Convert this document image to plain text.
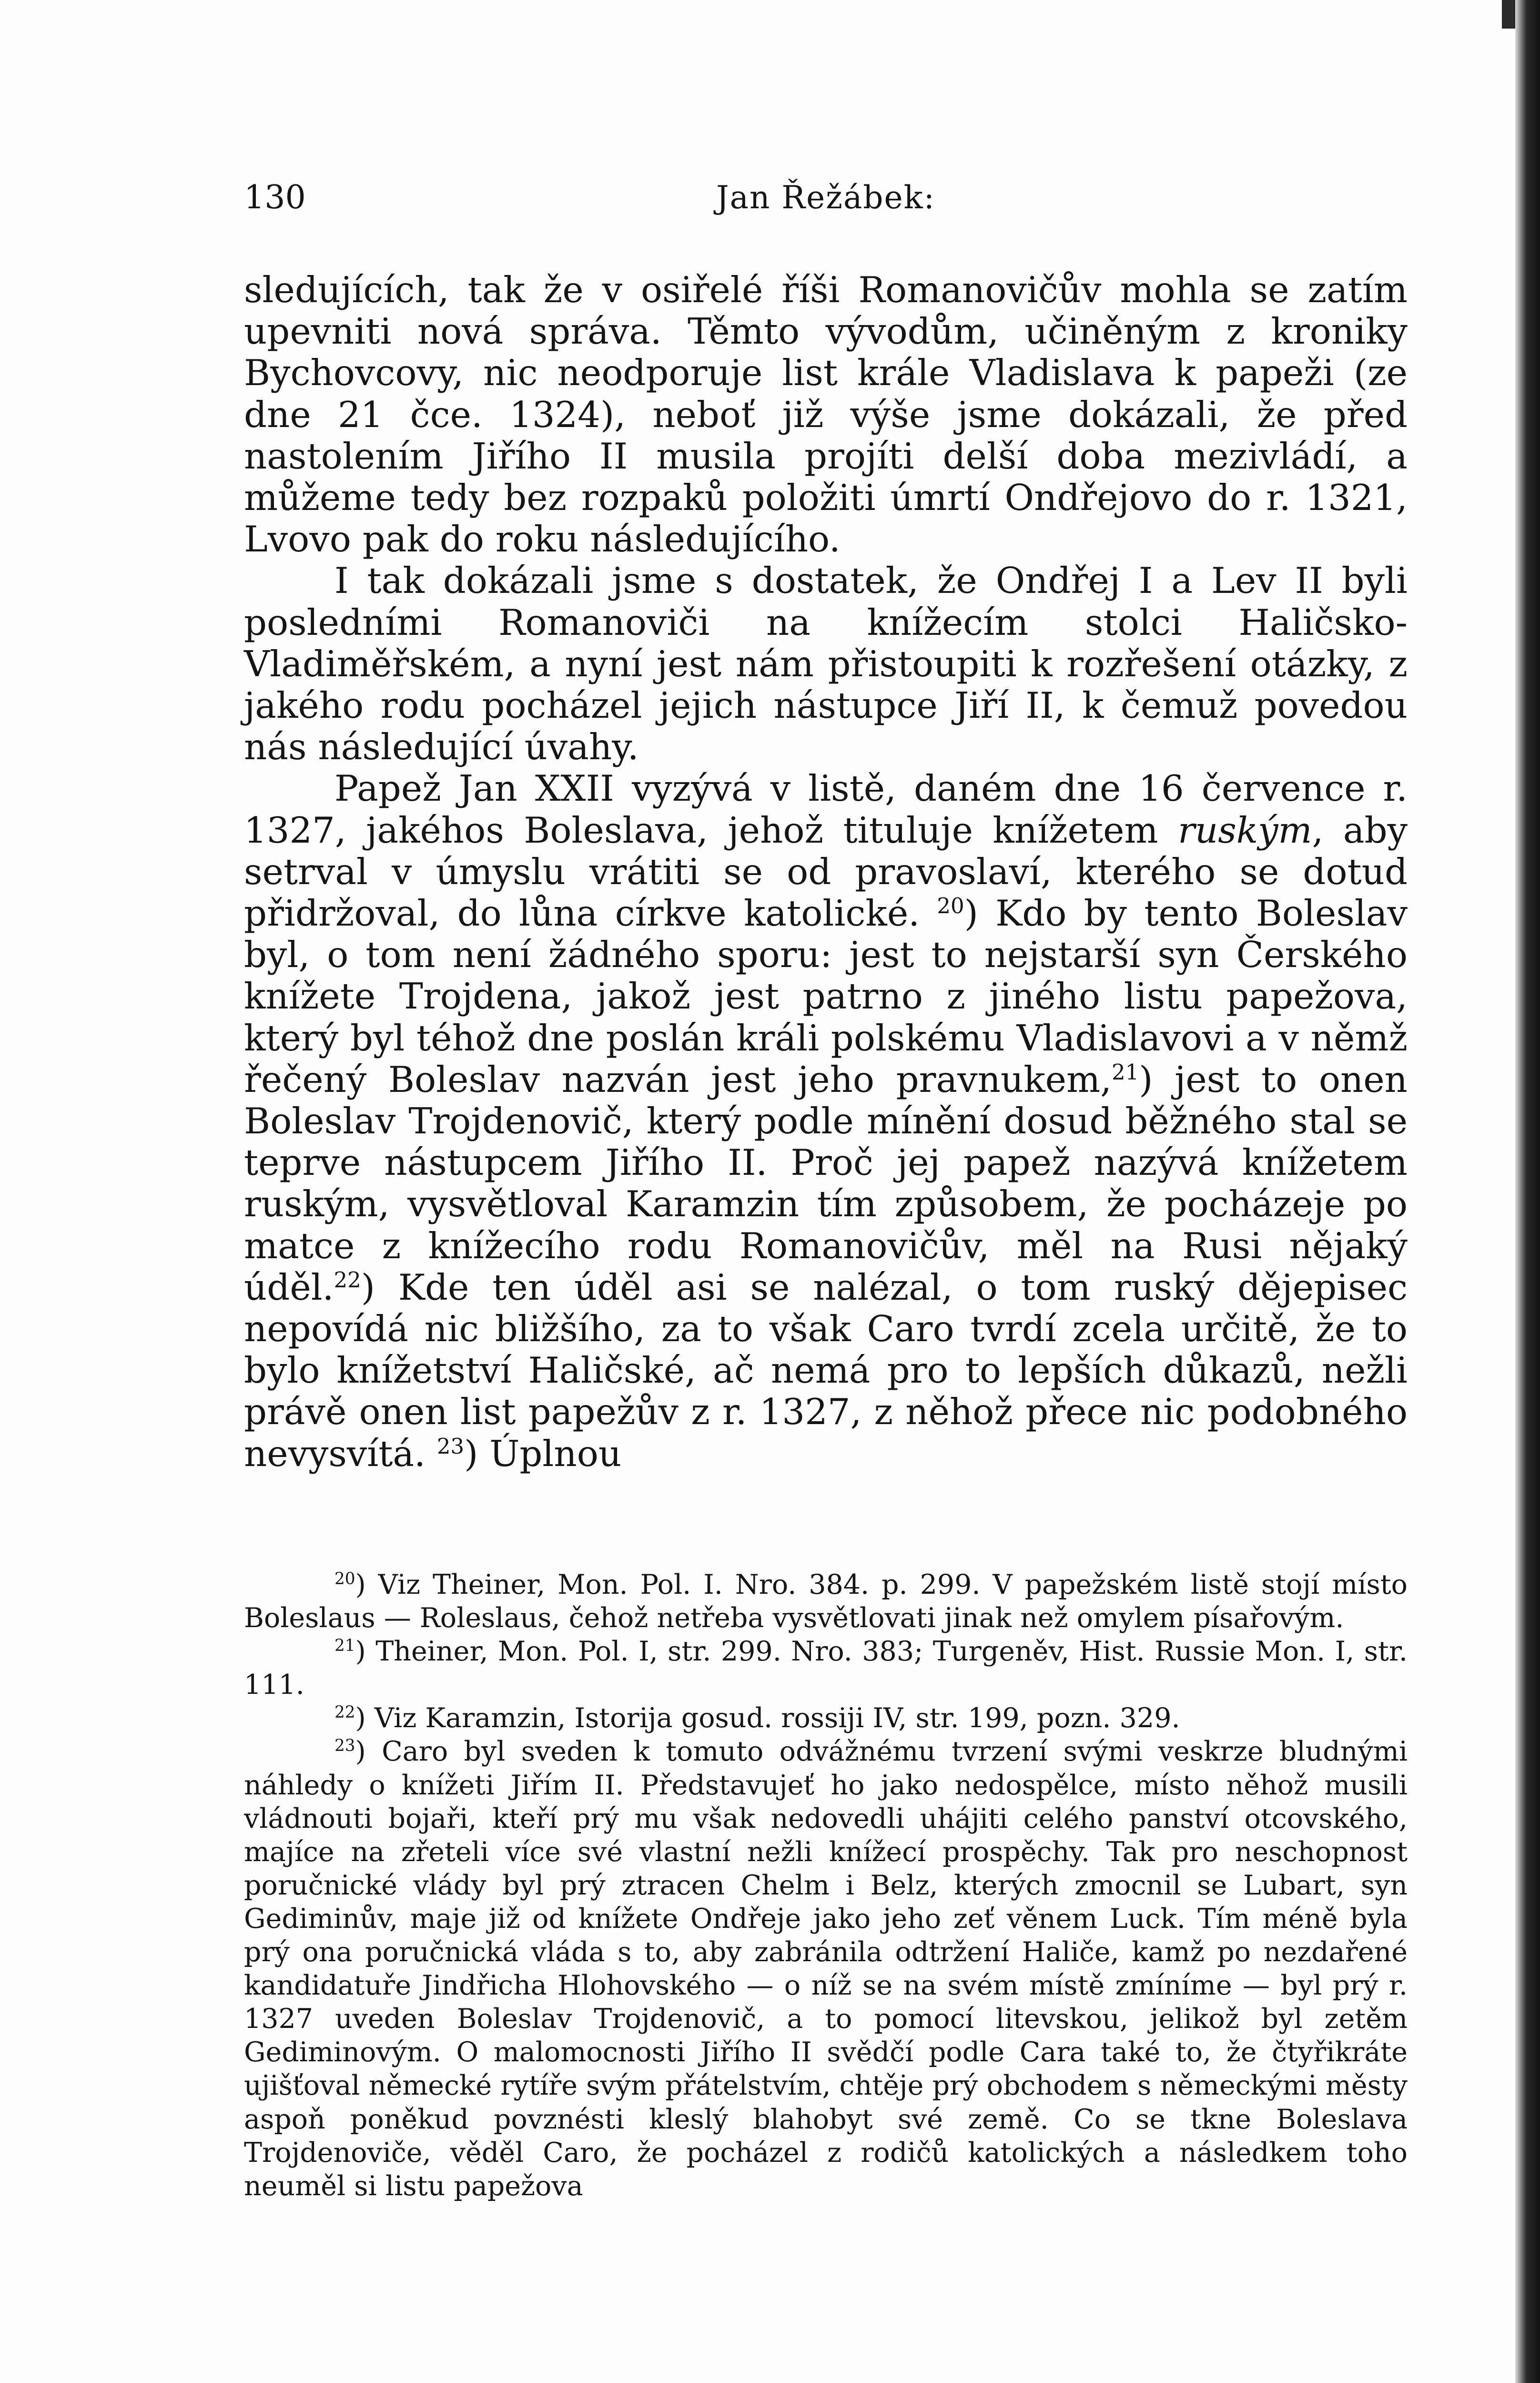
130	Jan Řežábek:

sledujících, tak že v osiřelé říši Romanovičův mohla se zatím upevniti nová správa. Těmto vývodům, učiněným z kroniky Bychovcovy, nic neodporuje list krále Vladislava k papeži (ze dne 21 čce. 1324), neboť již výše jsme dokázali, že před nastolením Jiřího II musila projíti delší doba mezivládí, a můžeme tedy bez rozpaků položiti úmrtí Ondřejovo do r. 1321, Lvovo pak do roku následujícího.

I tak dokázali jsme s dostatek, že Ondřej I a Lev II byli posledními Romanoviči na knížecím stolci Haličsko-Vladiměřském, a nyní jest nám přistoupiti k rozřešení otázky, z jakého rodu pocházel jejich nástupce Jiří II, k čemuž povedou nás následující úvahy.

Papež Jan XXII vyzývá v listě, daném dne 16 července r. 1327, jakéhos Boleslava, jehož tituluje knížetem ruským, aby setrval v úmyslu vrátiti se od pravoslaví, kterého se dotud přidržoval, do lůna církve katolické. $^{20}$) Kdo by tento Boleslav byl, o tom není žádného sporu: jest to nejstarší syn Čerského knížete Trojdena, jakož jest patrno z jiného listu papežova, který byl téhož dne poslán králi polskému Vladislavovi a v němž řečený Boleslav nazván jest jeho pravnukem,$^{21}$) jest to onen Boleslav Trojdenovič, který podle mínění dosud běžného stal se teprve nástupcem Jiřího II. Proč jej papež nazývá knížetem ruským, vysvětloval Karamzin tím způsobem, že pocházeje po matce z knížecího rodu Romanovičův, měl na Rusi nějaký úděl.$^{22}$) Kde ten úděl asi se nalézal, o tom ruský dějepisec nepovídá nic bližšího, za to však Caro tvrdí zcela určitě, že to bylo knížetství Haličské, ač nemá pro to lepších důkazů, nežli právě onen list papežův z r. 1327, z něhož přece nic podobného nevysvítá. $^{23}$) Úplnou

$^{20}$) Viz Theiner, Mon. Pol. I. Nro. 384. p. 299. V papežském listě stojí místo Boleslaus — Roleslaus, čehož netřeba vysvětlovati jinak než omylem písařovým.

$^{21}$) Theiner, Mon. Pol. I, str. 299. Nro. 383; Turgeněv, Hist. Russie Mon. I, str. 111.

$^{22}$) Viz Karamzin, Istorija gosud. rossiji IV, str. 199, pozn. 329.

$^{23}$) Caro byl sveden k tomuto odvážnému tvrzení svými veskrze bludnými náhledy o knížeti Jiřím II. Představujeť ho jako nedospělce, místo něhož musili vládnouti bojaři, kteří prý mu však nedovedli uhájiti celého panství otcovského, majíce na zřeteli více své vlastní nežli knížecí prospěchy. Tak pro neschopnost poručnické vlády byl prý ztracen Chelm i Belz, kterých zmocnil se Lubart, syn Gediminův, maje již od knížete Ondřeje jako jeho zeť věnem Luck. Tím méně byla prý ona poručnická vláda s to, aby zabránila odtržení Haliče, kamž po nezdařené kandidatuře Jindřicha Hlohovského — o níž se na svém místě zmíníme — byl prý r. 1327 uveden Boleslav Trojdenovič, a to pomocí litevskou, jelikož byl zetěm Gediminovým. O malomocnosti Jiřího II svědčí podle Cara také to, že čtyřikráte ujišťoval německé rytíře svým přátelstvím, chtěje prý obchodem s německými městy aspoň poněkud povznésti kleslý blahobyt své země. Co se tkne Boleslava Trojdenoviče, věděl Caro, že pocházel z rodičů katolických a následkem toho neuměl si listu papežova
